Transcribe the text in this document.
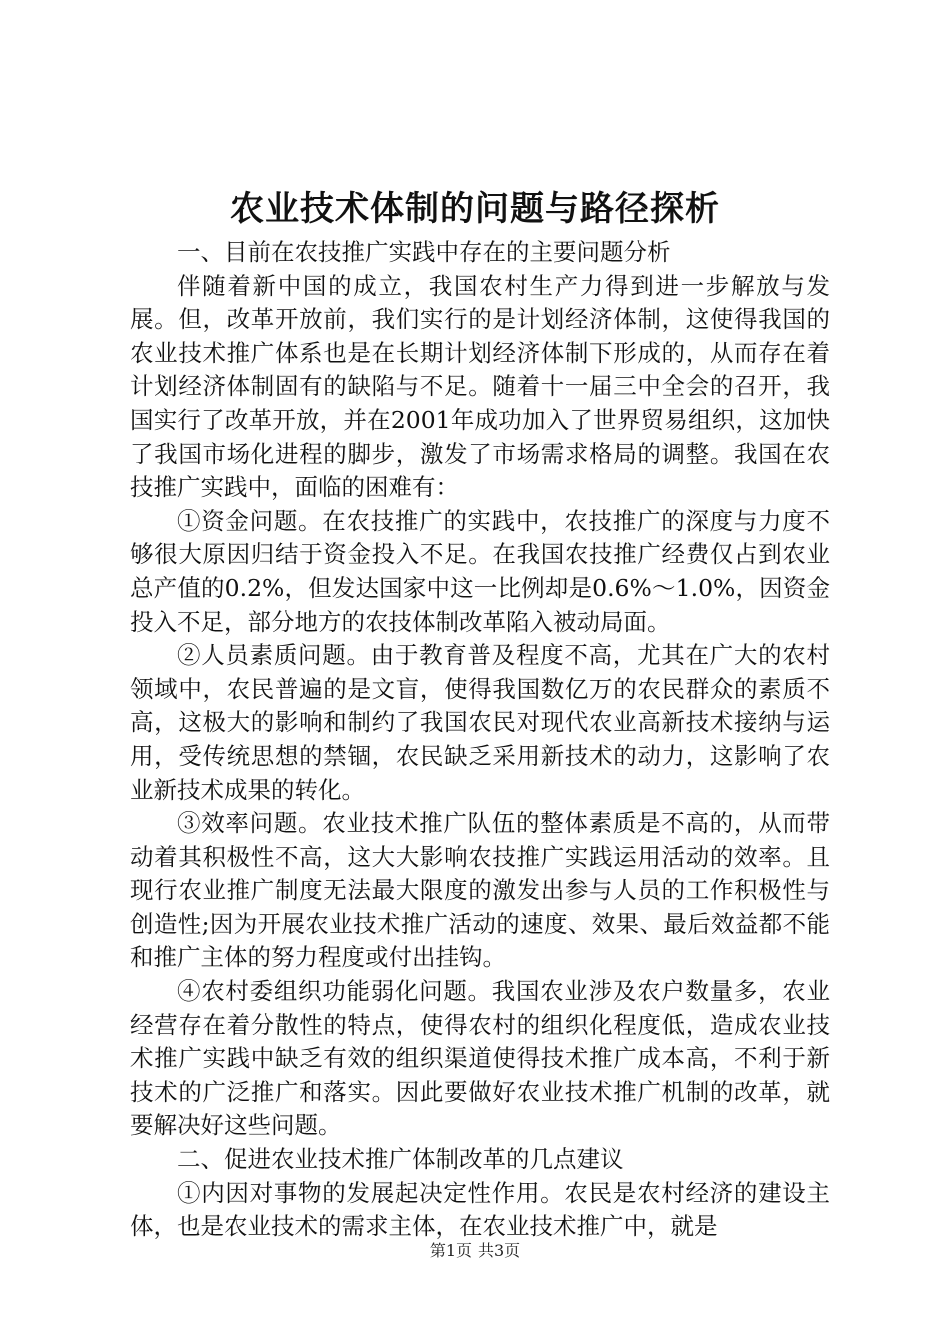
农业技术体制的问题与路径探析

一、目前在农技推广实践中存在的主要问题分析

伴随着新中国的成立，我国农村生产力得到进一步解放与发展。但，改革开放前，我们实行的是计划经济体制，这使得我国的农业技术推广体系也是在长期计划经济体制下形成的，从而存在着计划经济体制固有的缺陷与不足。随着十一届三中全会的召开，我国实行了改革开放，并在2001年成功加入了世界贸易组织，这加快了我国市场化进程的脚步，激发了市场需求格局的调整。我国在农技推广实践中，面临的困难有：

①资金问题。在农技推广的实践中，农技推广的深度与力度不够很大原因归结于资金投入不足。在我国农技推广经费仅占到农业总产值的0.2%，但发达国家中这一比例却是0.6%～1.0%，因资金投入不足，部分地方的农技体制改革陷入被动局面。

②人员素质问题。由于教育普及程度不高，尤其在广大的农村领域中，农民普遍的是文盲，使得我国数亿万的农民群众的素质不高，这极大的影响和制约了我国农民对现代农业高新技术接纳与运用，受传统思想的禁锢，农民缺乏采用新技术的动力，这影响了农业新技术成果的转化。

③效率问题。农业技术推广队伍的整体素质是不高的，从而带动着其积极性不高，这大大影响农技推广实践运用活动的效率。且现行农业推广制度无法最大限度的激发出参与人员的工作积极性与创造性;因为开展农业技术推广活动的速度、效果、最后效益都不能和推广主体的努力程度或付出挂钩。

④农村委组织功能弱化问题。我国农业涉及农户数量多，农业经营存在着分散性的特点，使得农村的组织化程度低，造成农业技术推广实践中缺乏有效的组织渠道使得技术推广成本高，不利于新技术的广泛推广和落实。因此要做好农业技术推广机制的改革，就要解决好这些问题。

二、促进农业技术推广体制改革的几点建议

①内因对事物的发展起决定性作用。农民是农村经济的建设主体，也是农业技术的需求主体，在农业技术推广中，就是

第1页 共3页
